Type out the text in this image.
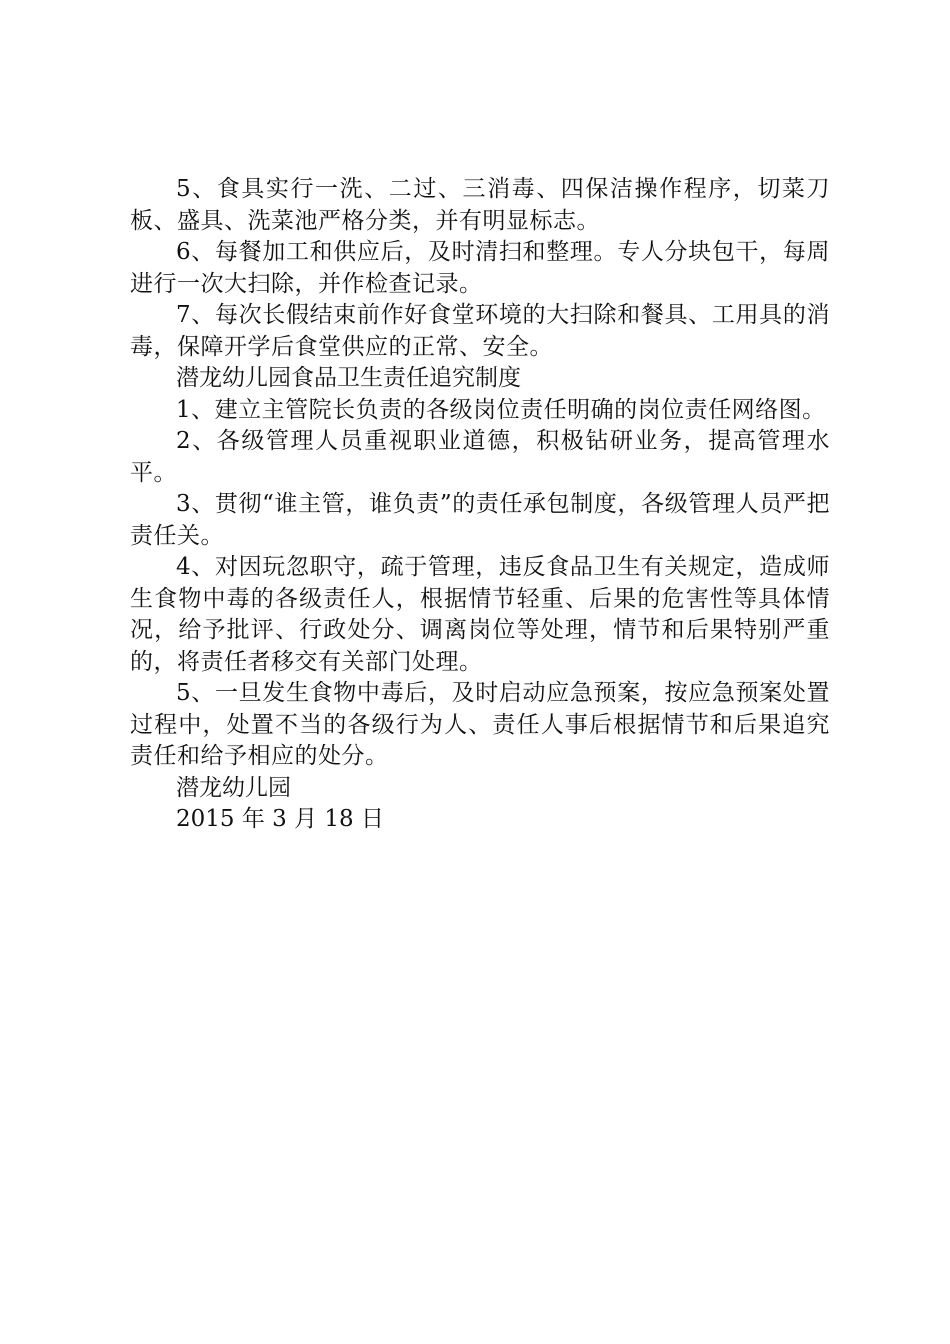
5、食具实行一洗、二过、三消毒、四保洁操作程序，切菜刀板、盛具、洗菜池严格分类，并有明显标志。

6、每餐加工和供应后，及时清扫和整理。专人分块包干，每周进行一次大扫除，并作检查记录。

7、每次长假结束前作好食堂环境的大扫除和餐具、工用具的消毒，保障开学后食堂供应的正常、安全。

潜龙幼儿园食品卫生责任追究制度

1、建立主管院长负责的各级岗位责任明确的岗位责任网络图。

2、各级管理人员重视职业道德，积极钻研业务，提高管理水平。

3、贯彻“谁主管，谁负责”的责任承包制度，各级管理人员严把责任关。

4、对因玩忽职守，疏于管理，违反食品卫生有关规定，造成师生食物中毒的各级责任人，根据情节轻重、后果的危害性等具体情况，给予批评、行政处分、调离岗位等处理，情节和后果特别严重的，将责任者移交有关部门处理。

5、一旦发生食物中毒后，及时启动应急预案，按应急预案处置过程中，处置不当的各级行为人、责任人事后根据情节和后果追究责任和给予相应的处分。

潜龙幼儿园

2015 年 3 月 18 日
